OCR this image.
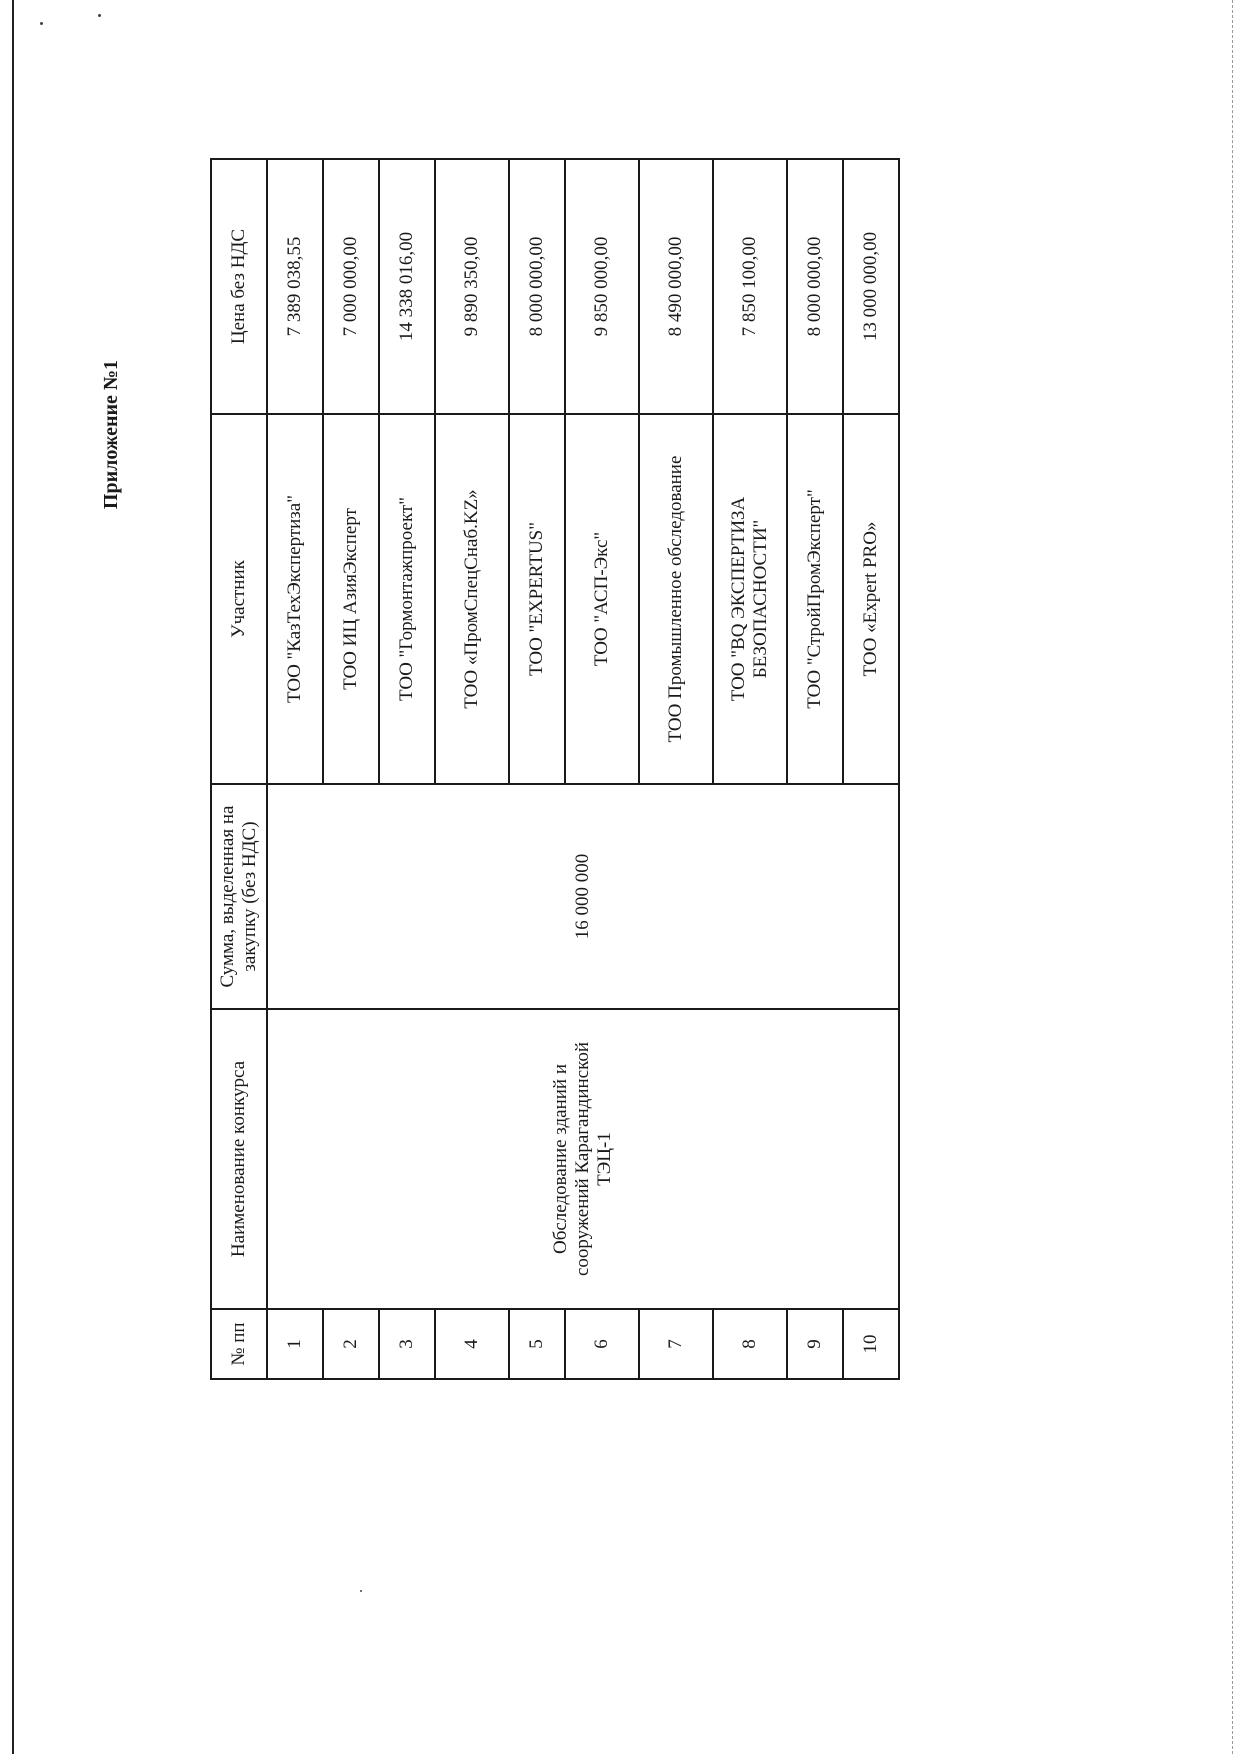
Приложение №1
№ пп	Наименование конкурса	Сумма, выделенная на закупку (без НДС)	Участник	Цена без НДС
1	Обследование зданий и сооружений Карагандинской ТЭЦ-1	16 000 000	ТОО "КазТехЭкспертиза"	7 389 038,55
2			ТОО ИЦ АзияЭксперт	7 000 000,00
3			ТОО "Гормонтажпроект"	14 338 016,00
4			ТОО «ПромСпецСнаб.KZ»	9 890 350,00
5			ТОО "EXPERTUS"	8 000 000,00
6			ТОО "АСП-Экс"	9 850 000,00
7			ТОО Промышленное обследование	8 490 000,00
8			ТОО "BQ ЭКСПЕРТИЗА БЕЗОПАСНОСТИ"	7 850 100,00
9			ТОО "СтройПромЭксперт"	8 000 000,00
10			ТОО «Expert PRO»	13 000 000,00
